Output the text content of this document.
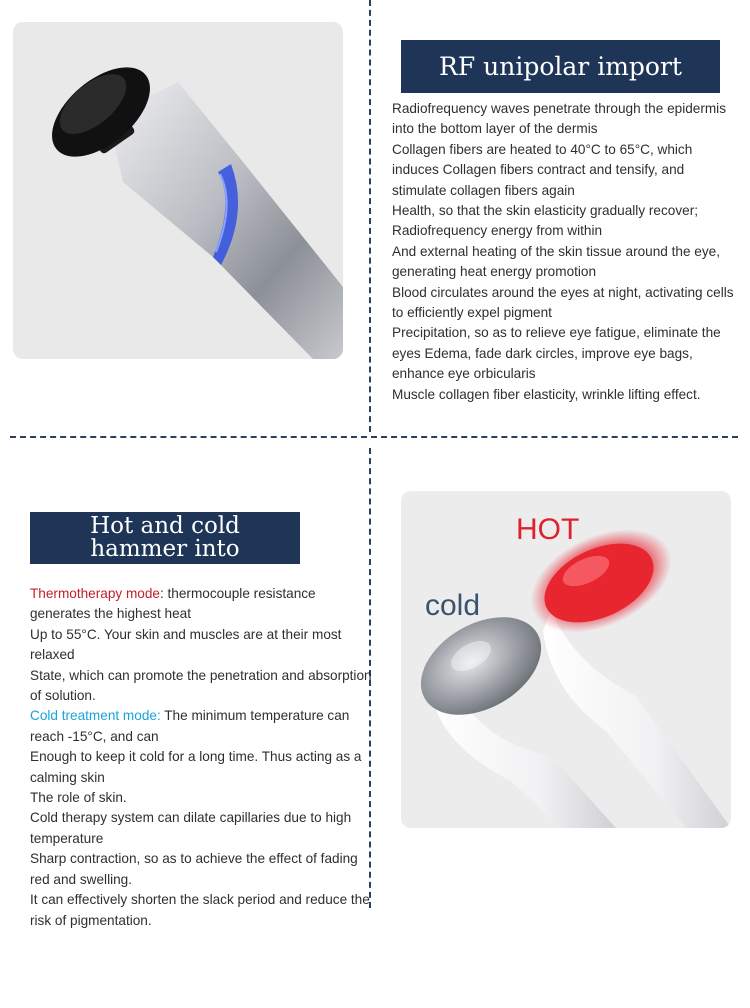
RF unipolar import

Radiofrequency waves penetrate through the epidermis into the bottom layer of the dermis

Collagen fibers are heated to 40°C to 65°C, which induces Collagen fibers contract and tensify, and stimulate collagen fibers again

Health, so that the skin elasticity gradually recover; Radiofrequency energy from within

And external heating of the skin tissue around the eye, generating heat energy promotion

Blood circulates around the eyes at night, activating cells to efficiently expel pigment

Precipitation, so as to relieve eye fatigue, eliminate the eyes Edema, fade dark circles, improve eye bags, enhance eye orbicularis

Muscle collagen fiber elasticity, wrinkle lifting effect.

Hot and cold
hammer into

Thermotherapy mode: thermocouple resistance generates the highest heat

Up to 55°C. Your skin and muscles are at their most relaxed

State, which can promote the penetration and absorption of solution.

Cold treatment mode: The minimum temperature can reach -15°C, and can

Enough to keep it cold for a long time. Thus acting as a calming skin

The role of skin.

Cold therapy system can dilate capillaries due to high temperature

Sharp contraction, so as to achieve the effect of fading red and swelling.

It can effectively shorten the slack period and reduce the risk of pigmentation.

HOT
cold
